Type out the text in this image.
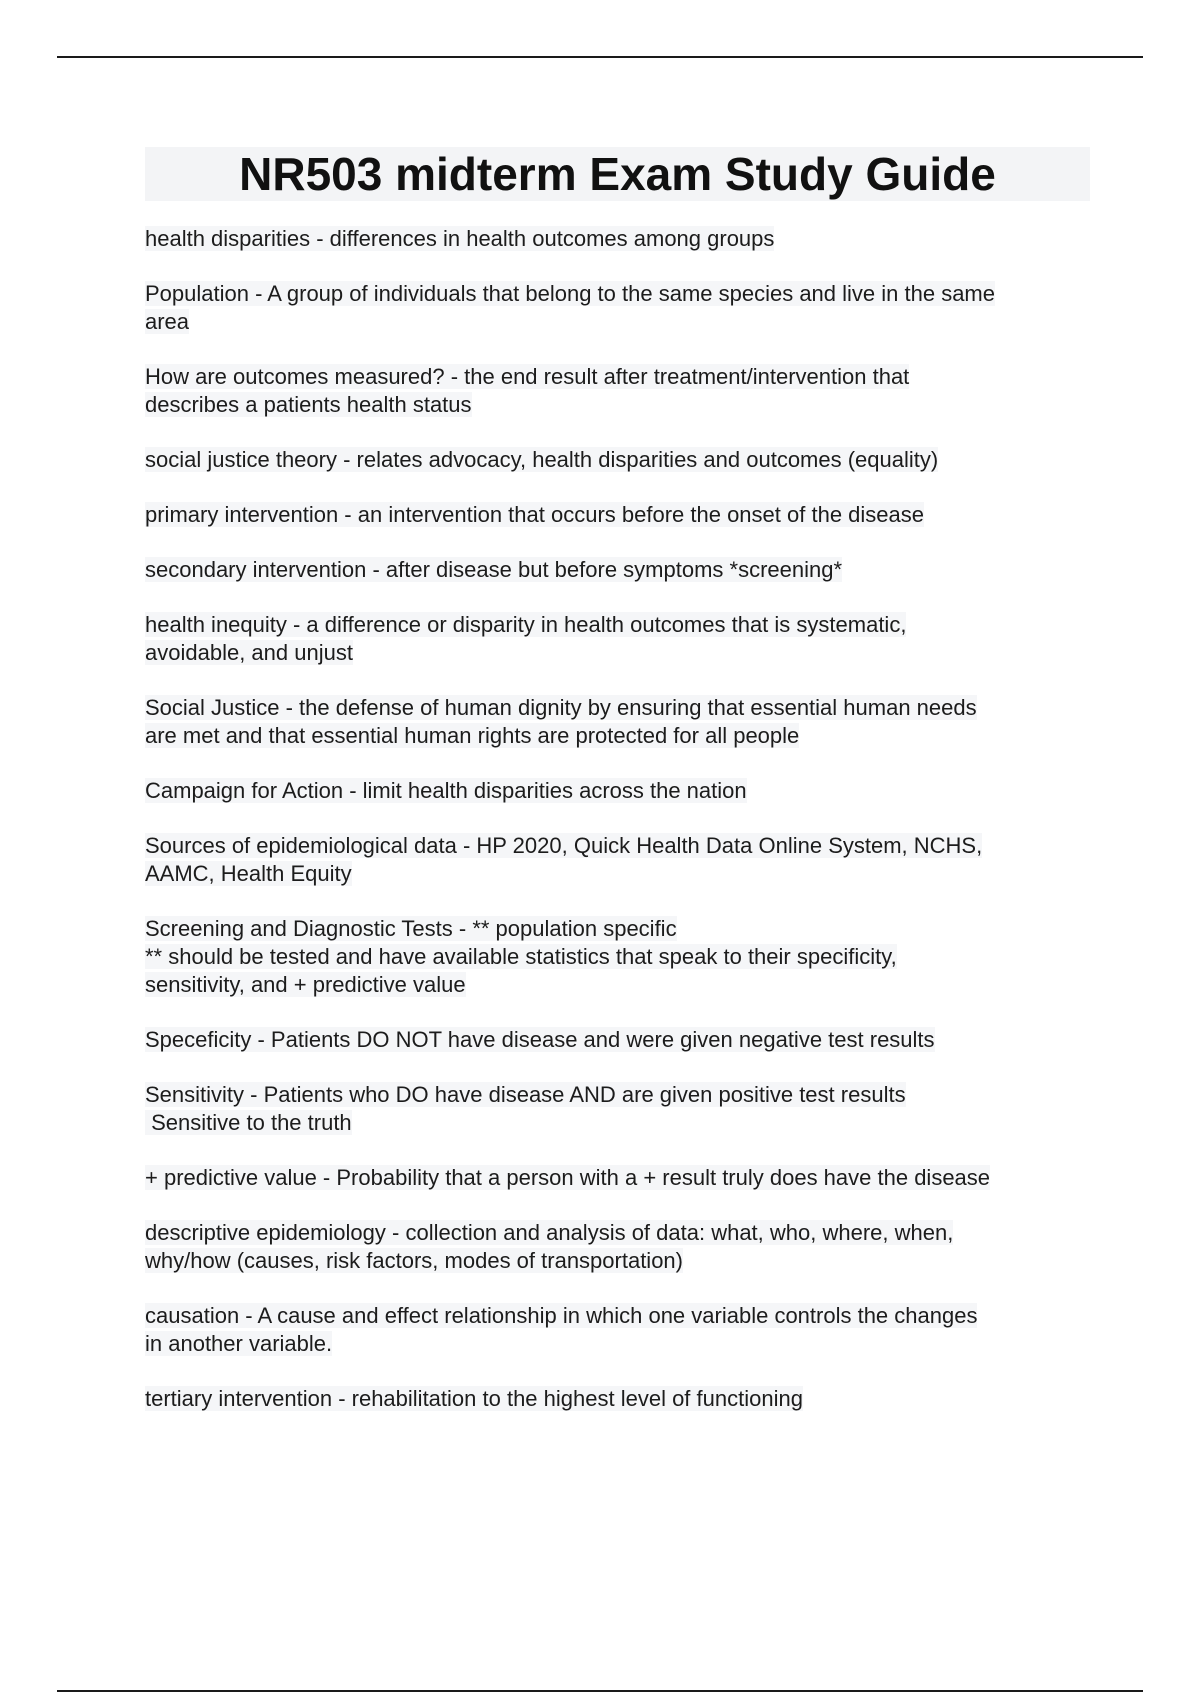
NR503 midterm Exam Study Guide
health disparities - differences in health outcomes among groups
Population - A group of individuals that belong to the same species and live in the same
area
How are outcomes measured? - the end result after treatment/intervention that
describes a patients health status
social justice theory - relates advocacy, health disparities and outcomes (equality)
primary intervention - an intervention that occurs before the onset of the disease
secondary intervention - after disease but before symptoms *screening*
health inequity - a difference or disparity in health outcomes that is systematic,
avoidable, and unjust
Social Justice - the defense of human dignity by ensuring that essential human needs
are met and that essential human rights are protected for all people
Campaign for Action - limit health disparities across the nation
Sources of epidemiological data - HP 2020, Quick Health Data Online System, NCHS,
AAMC, Health Equity
Screening and Diagnostic Tests - ** population specific
** should be tested and have available statistics that speak to their specificity,
sensitivity, and + predictive value
Speceficity - Patients DO NOT have disease and were given negative test results
Sensitivity - Patients who DO have disease AND are given positive test results
Sensitive to the truth
+ predictive value - Probability that a person with a + result truly does have the disease
descriptive epidemiology - collection and analysis of data: what, who, where, when,
why/how (causes, risk factors, modes of transportation)
causation - A cause and effect relationship in which one variable controls the changes
in another variable.
tertiary intervention - rehabilitation to the highest level of functioning
